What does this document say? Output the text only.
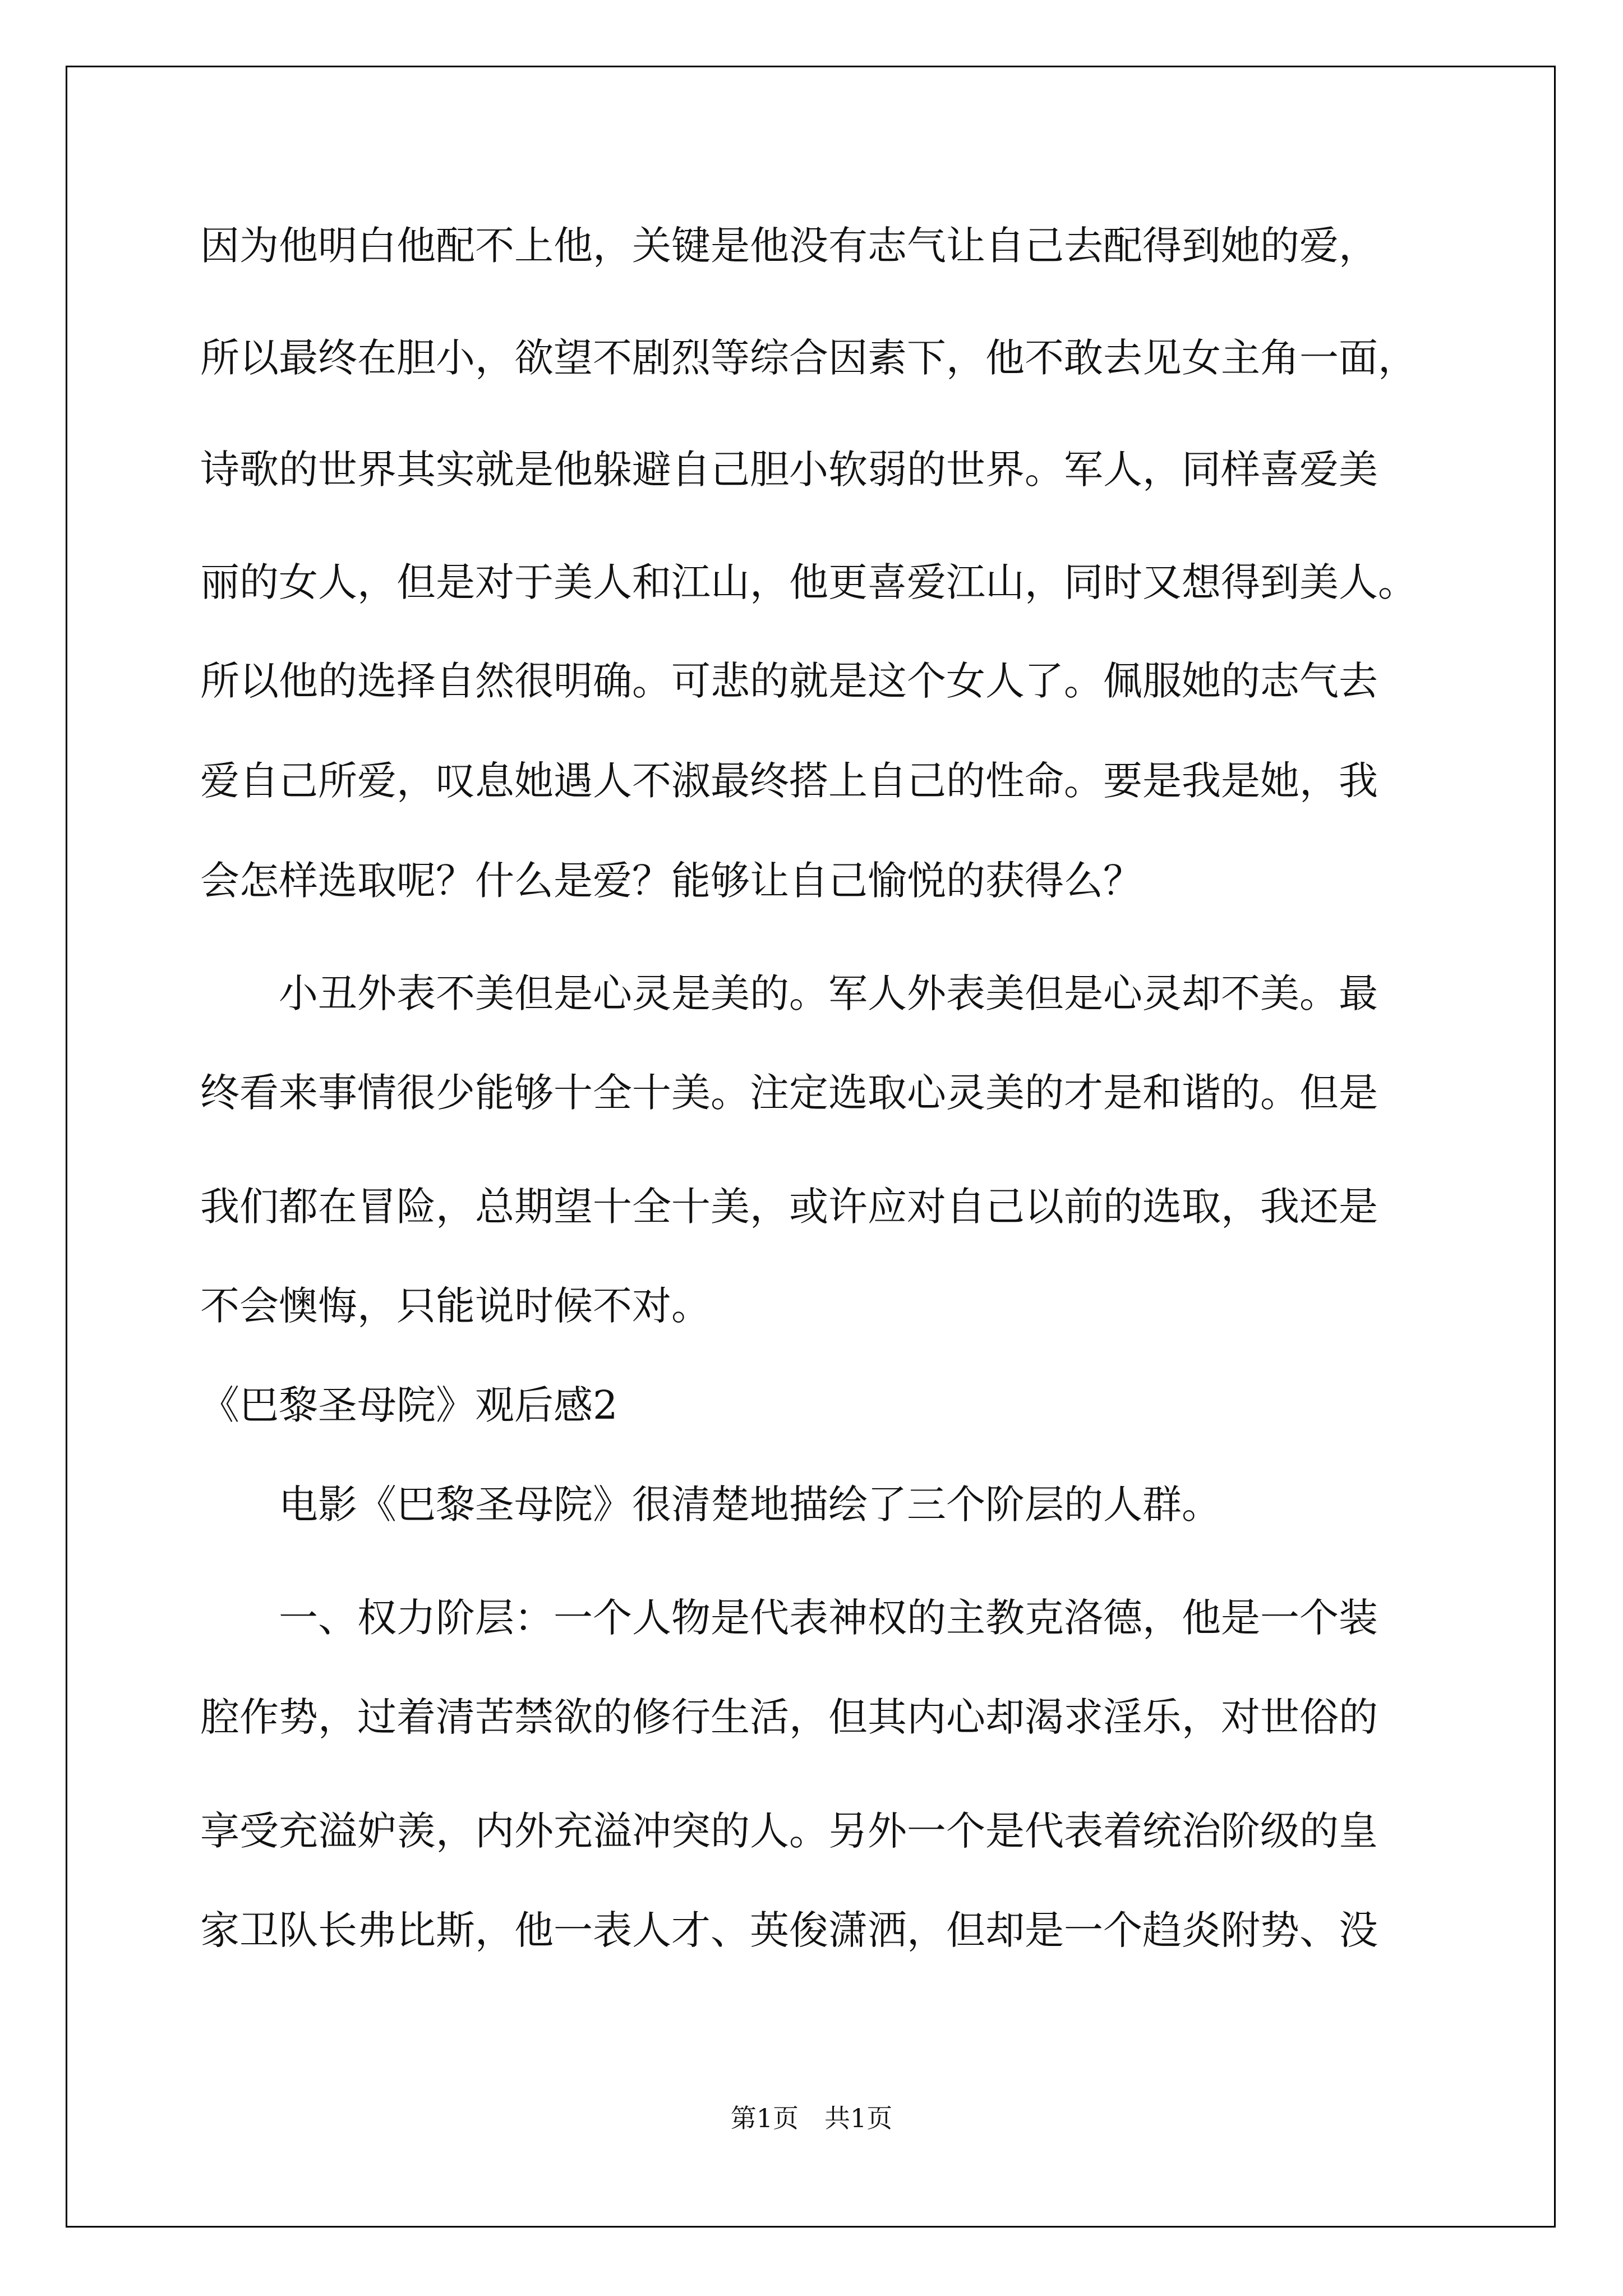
因为他明白他配不上他，关键是他没有志气让自己去配得到她的爱，
所以最终在胆小，欲望不剧烈等综合因素下，他不敢去见女主角一面，
诗歌的世界其实就是他躲避自己胆小软弱的世界。军人，同样喜爱美
丽的女人，但是对于美人和江山，他更喜爱江山，同时又想得到美人。
所以他的选择自然很明确。可悲的就是这个女人了。佩服她的志气去
爱自己所爱，叹息她遇人不淑最终搭上自己的性命。要是我是她，我
会怎样选取呢？什么是爱？能够让自己愉悦的获得么？
　　小丑外表不美但是心灵是美的。军人外表美但是心灵却不美。最
终看来事情很少能够十全十美。注定选取心灵美的才是和谐的。但是
我们都在冒险，总期望十全十美，或许应对自己以前的选取，我还是
不会懊悔，只能说时候不对。
《巴黎圣母院》观后感2
　　电影《巴黎圣母院》很清楚地描绘了三个阶层的人群。
　　一、权力阶层：一个人物是代表神权的主教克洛德，他是一个装
腔作势，过着清苦禁欲的修行生活，但其内心却渴求淫乐，对世俗的
享受充溢妒羡，内外充溢冲突的人。另外一个是代表着统治阶级的皇
家卫队长弗比斯，他一表人才、英俊潇洒，但却是一个趋炎附势、没
第1页　共1页
